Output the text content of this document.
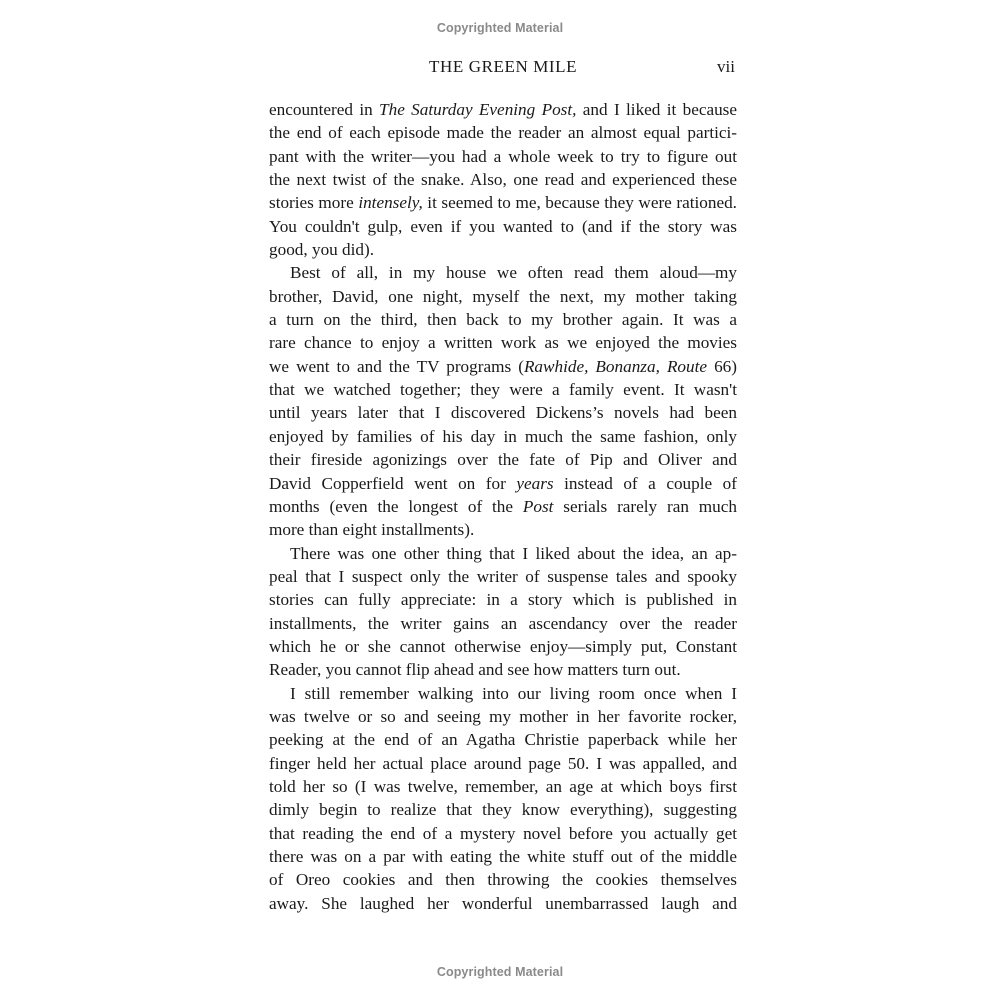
Copyrighted Material
THE GREEN MILE	vii
encountered in The Saturday Evening Post, and I liked it because
the end of each episode made the reader an almost equal partici-
pant with the writer—you had a whole week to try to figure out
the next twist of the snake. Also, one read and experienced these
stories more intensely, it seemed to me, because they were rationed.
You couldn't gulp, even if you wanted to (and if the story was
good, you did).
Best of all, in my house we often read them aloud—my
brother, David, one night, myself the next, my mother taking
a turn on the third, then back to my brother again. It was a
rare chance to enjoy a written work as we enjoyed the movies
we went to and the TV programs (Rawhide, Bonanza, Route 66)
that we watched together; they were a family event. It wasn't
until years later that I discovered Dickens’s novels had been
enjoyed by families of his day in much the same fashion, only
their fireside agonizings over the fate of Pip and Oliver and
David Copperfield went on for years instead of a couple of
months (even the longest of the Post serials rarely ran much
more than eight installments).
There was one other thing that I liked about the idea, an ap-
peal that I suspect only the writer of suspense tales and spooky
stories can fully appreciate: in a story which is published in
installments, the writer gains an ascendancy over the reader
which he or she cannot otherwise enjoy—simply put, Constant
Reader, you cannot flip ahead and see how matters turn out.
I still remember walking into our living room once when I
was twelve or so and seeing my mother in her favorite rocker,
peeking at the end of an Agatha Christie paperback while her
finger held her actual place around page 50. I was appalled, and
told her so (I was twelve, remember, an age at which boys first
dimly begin to realize that they know everything), suggesting
that reading the end of a mystery novel before you actually get
there was on a par with eating the white stuff out of the middle
of Oreo cookies and then throwing the cookies themselves
away. She laughed her wonderful unembarrassed laugh and
Copyrighted Material
